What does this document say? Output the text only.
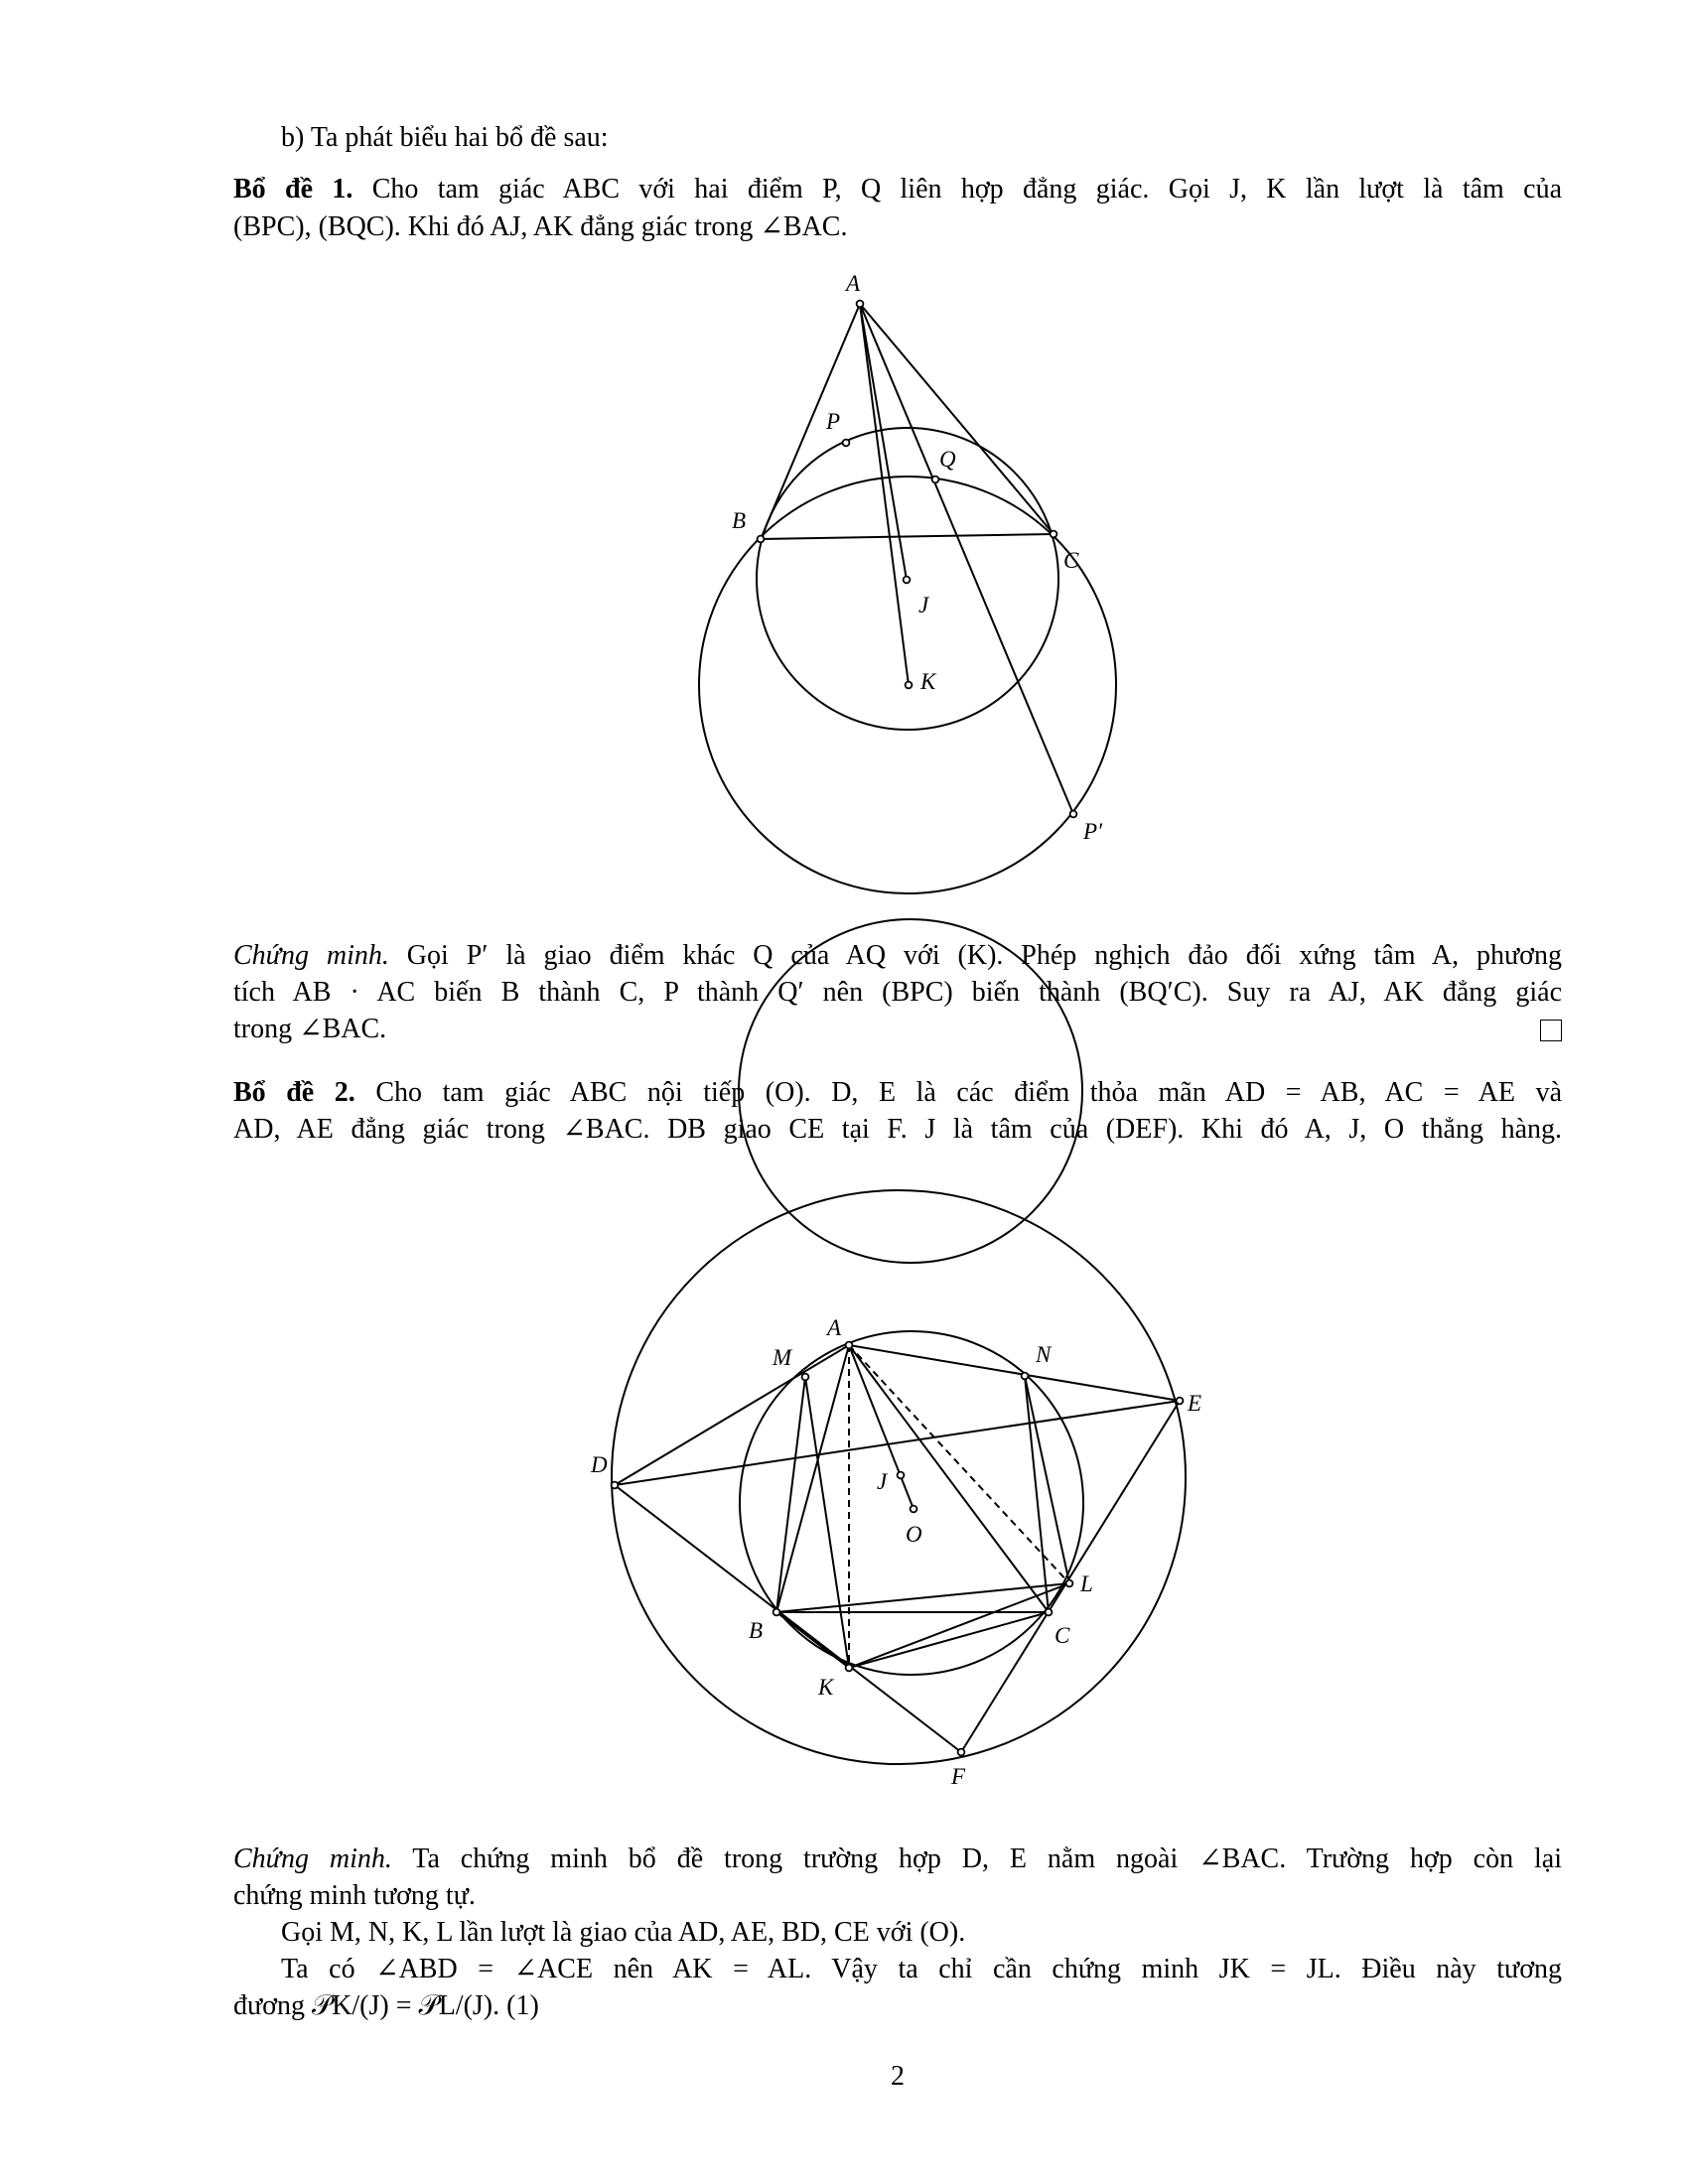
b) Ta phát biểu hai bổ đề sau:
Bổ đề 1. Cho tam giác ABC với hai điểm P, Q liên hợp đẳng giác. Gọi J, K lần lượt là tâm của
(BPC), (BQC). Khi đó AJ, AK đẳng giác trong ∠BAC.
Chứng minh. Gọi P′ là giao điểm khác Q của AQ với (K). Phép nghịch đảo đối xứng tâm A, phương
tích AB · AC biến B thành C, P thành Q′ nên (BPC) biến thành (BQ′C). Suy ra AJ, AK đẳng giác
trong ∠BAC.
Bổ đề 2. Cho tam giác ABC nội tiếp (O). D, E là các điểm thỏa mãn AD = AB, AC = AE và
AD, AE đẳng giác trong ∠BAC. DB giao CE tại F. J là tâm của (DEF). Khi đó A, J, O thẳng hàng.
Chứng minh. Ta chứng minh bổ đề trong trường hợp D, E nằm ngoài ∠BAC. Trường hợp còn lại
chứng minh tương tự.
Gọi M, N, K, L lần lượt là giao của AD, AE, BD, CE với (O).
Ta có ∠ABD = ∠ACE nên AK = AL. Vậy ta chỉ cần chứng minh JK = JL. Điều này tương
đương 𝒫K/(J) = 𝒫L/(J). (1)
2
A
P
Q
B
C
J
K
P′
A
M	N
E
D
J
O
L
B	C
K
F
